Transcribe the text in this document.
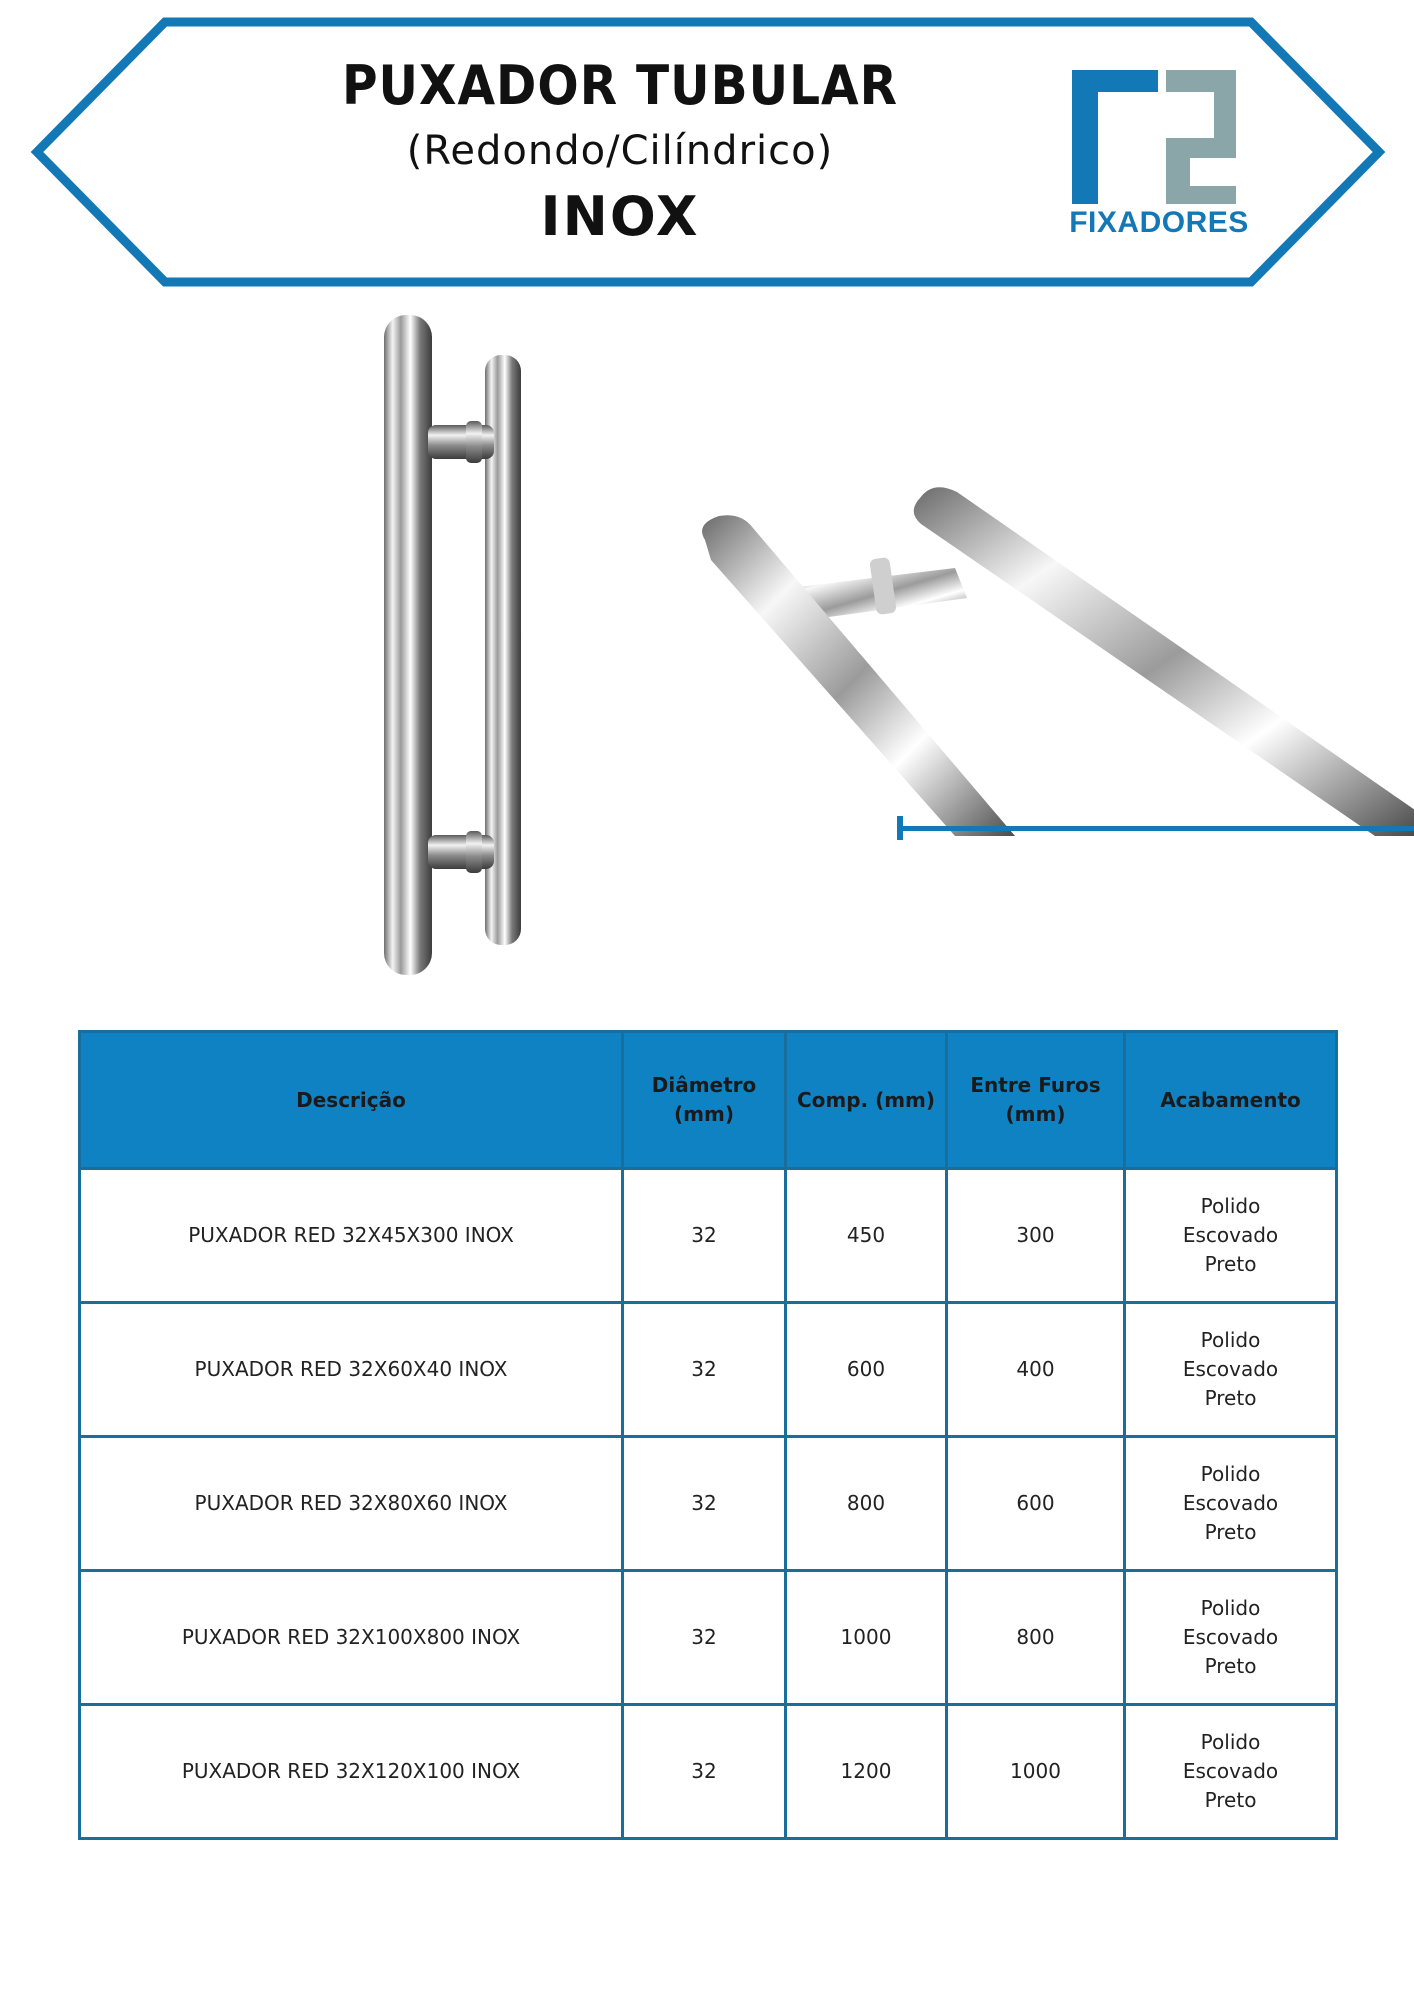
PUXADOR TUBULAR
(Redondo/Cilíndrico)
INOX	FIXADORES
Descrição	Diâmetro (mm)	Comp. (mm)	Entre Furos (mm)	Acabamento
PUXADOR RED 32X45X300 INOX	32	450	300	Polido
Escovado
Preto

PUXADOR RED 32X60X40 INOX	32	600	400	Polido
Escovado
Preto

PUXADOR RED 32X80X60 INOX	32	800	600	Polido
Escovado
Preto

PUXADOR RED 32X100X800 INOX	32	1000	800	Polido
Escovado
Preto

PUXADOR RED 32X120X100 INOX	32	1200	1000	Polido
Escovado
Preto
